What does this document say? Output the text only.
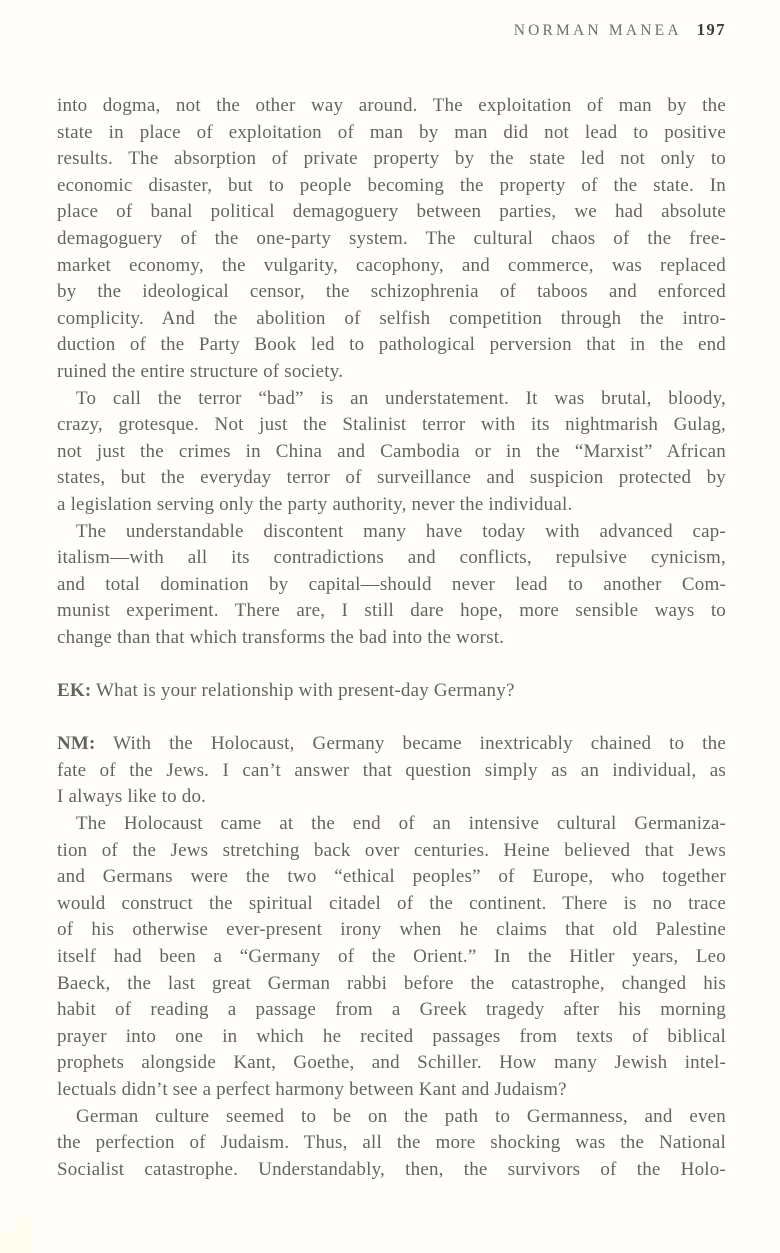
NORMAN MANEA 197
into dogma, not the other way around. The exploitation of man by the
state in place of exploitation of man by man did not lead to positive
results. The absorption of private property by the state led not only to
economic disaster, but to people becoming the property of the state. In
place of banal political demagoguery between parties, we had absolute
demagoguery of the one-party system. The cultural chaos of the free-
market economy, the vulgarity, cacophony, and commerce, was replaced
by the ideological censor, the schizophrenia of taboos and enforced
complicity. And the abolition of selfish competition through the intro-
duction of the Party Book led to pathological perversion that in the end
ruined the entire structure of society.
To call the terror “bad” is an understatement. It was brutal, bloody,
crazy, grotesque. Not just the Stalinist terror with its nightmarish Gulag,
not just the crimes in China and Cambodia or in the “Marxist” African
states, but the everyday terror of surveillance and suspicion protected by
a legislation serving only the party authority, never the individual.
The understandable discontent many have today with advanced cap-
italism—with all its contradictions and conflicts, repulsive cynicism,
and total domination by capital—should never lead to another Com-
munist experiment. There are, I still dare hope, more sensible ways to
change than that which transforms the bad into the worst.
EK: What is your relationship with present-day Germany?
NM: With the Holocaust, Germany became inextricably chained to the
fate of the Jews. I can’t answer that question simply as an individual, as
I always like to do.
The Holocaust came at the end of an intensive cultural Germaniza-
tion of the Jews stretching back over centuries. Heine believed that Jews
and Germans were the two “ethical peoples” of Europe, who together
would construct the spiritual citadel of the continent. There is no trace
of his otherwise ever-present irony when he claims that old Palestine
itself had been a “Germany of the Orient.” In the Hitler years, Leo
Baeck, the last great German rabbi before the catastrophe, changed his
habit of reading a passage from a Greek tragedy after his morning
prayer into one in which he recited passages from texts of biblical
prophets alongside Kant, Goethe, and Schiller. How many Jewish intel-
lectuals didn’t see a perfect harmony between Kant and Judaism?
German culture seemed to be on the path to Germanness, and even
the perfection of Judaism. Thus, all the more shocking was the National
Socialist catastrophe. Understandably, then, the survivors of the Holo-
